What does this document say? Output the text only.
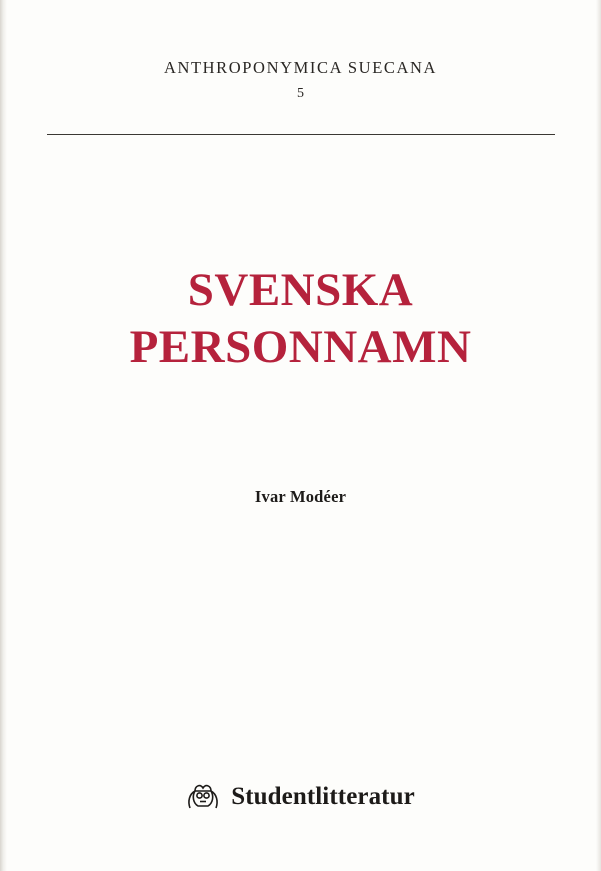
ANTHROPONYMICA SUECANA
5
SVENSKA
PERSONNAMN
Ivar Modéer
Studentlitteratur
